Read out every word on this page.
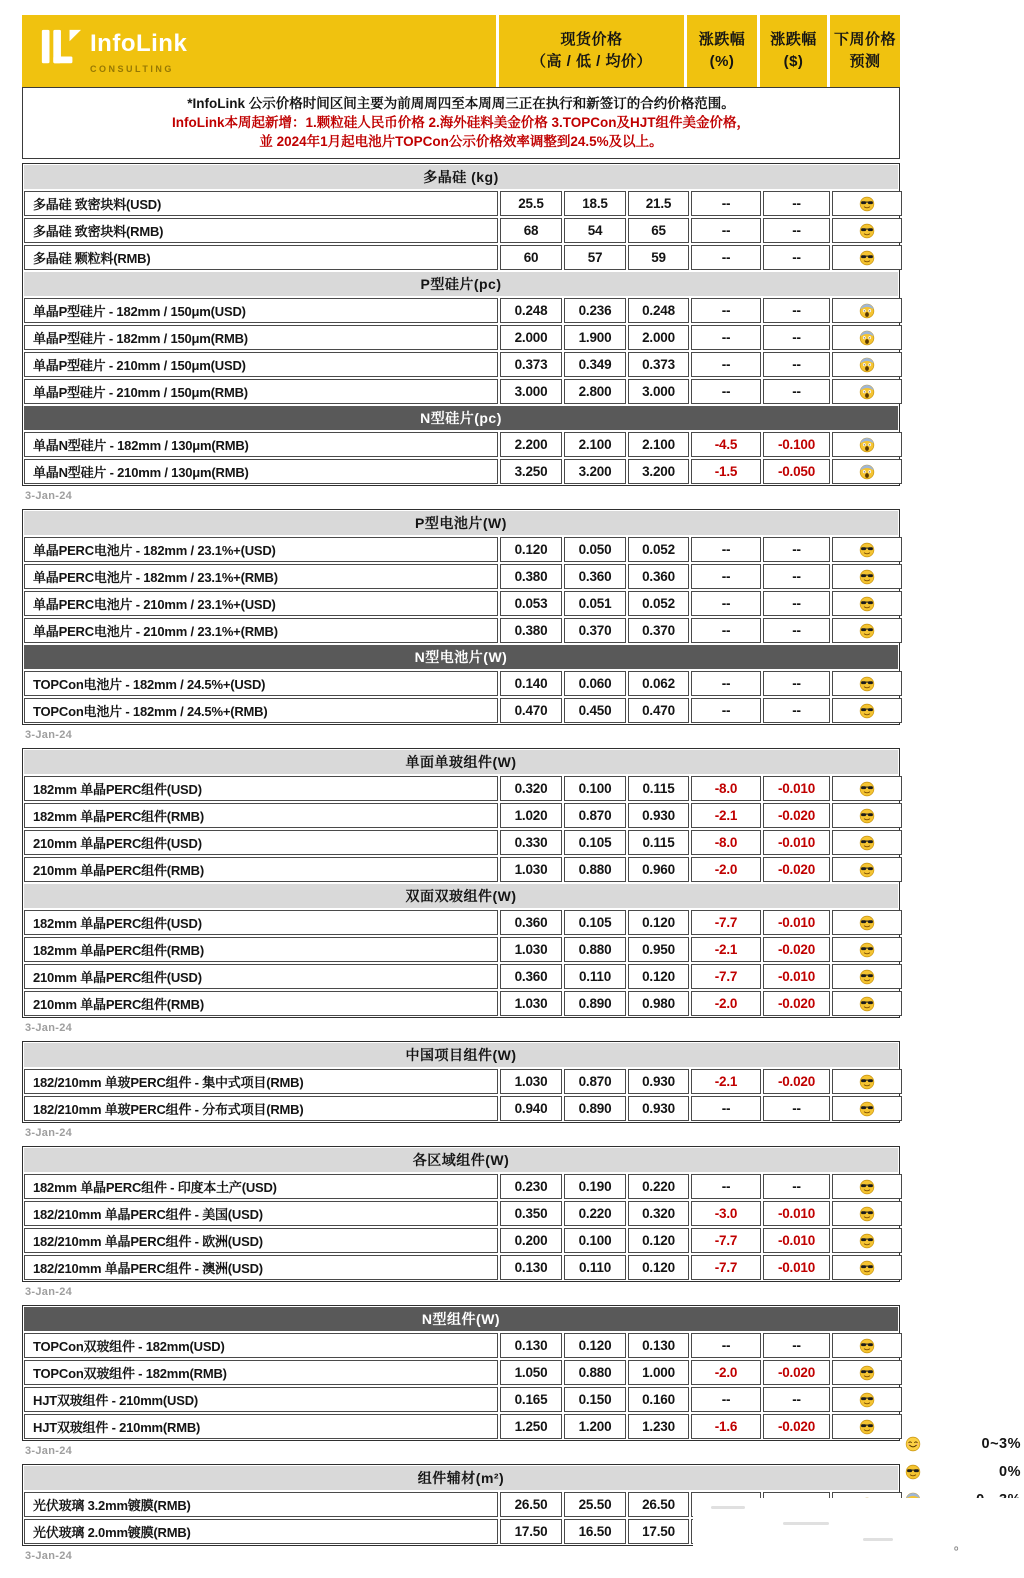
InfoLink
CONSULTING
现货价格
（高 / 低 / 均价）
涨跌幅
(%)
涨跌幅
($)
下周价格
预测

*InfoLink 公示价格时间区间主要为前周周四至本周周三正在执行和新签订的合约价格范围。

InfoLink本周起新增：1.颗粒硅人民币价格 2.海外硅料美金价格 3.TOPCon及HJT组件美金价格，

並 2024年1月起电池片TOPCon公示价格效率调整到24.5%及以上。

多晶硅 (kg)
多晶硅 致密块料(USD)	25.5	18.5	21.5	--	--
多晶硅 致密块料(RMB)	68	54	65	--	--
多晶硅 颗粒料(RMB)	60	57	59	--	--
P型硅片(pc)
单晶P型硅片 - 182mm / 150μm(USD)	0.248	0.236	0.248	--	--
单晶P型硅片 - 182mm / 150μm(RMB)	2.000	1.900	2.000	--	--
单晶P型硅片 - 210mm / 150μm(USD)	0.373	0.349	0.373	--	--
单晶P型硅片 - 210mm / 150μm(RMB)	3.000	2.800	3.000	--	--
N型硅片(pc)
单晶N型硅片 - 182mm / 130μm(RMB)	2.200	2.100	2.100	-4.5	-0.100
单晶N型硅片 - 210mm / 130μm(RMB)	3.250	3.200	3.200	-1.5	-0.050
3-Jan-24
P型电池片(W)
单晶PERC电池片 - 182mm / 23.1%+(USD)	0.120	0.050	0.052	--	--
单晶PERC电池片 - 182mm / 23.1%+(RMB)	0.380	0.360	0.360	--	--
单晶PERC电池片 - 210mm / 23.1%+(USD)	0.053	0.051	0.052	--	--
单晶PERC电池片 - 210mm / 23.1%+(RMB)	0.380	0.370	0.370	--	--
N型电池片(W)
TOPCon电池片 - 182mm / 24.5%+(USD)	0.140	0.060	0.062	--	--
TOPCon电池片 - 182mm / 24.5%+(RMB)	0.470	0.450	0.470	--	--
3-Jan-24
单面单玻组件(W)
182mm 单晶PERC组件(USD)	0.320	0.100	0.115	-8.0	-0.010
182mm 单晶PERC组件(RMB)	1.020	0.870	0.930	-2.1	-0.020
210mm 单晶PERC组件(USD)	0.330	0.105	0.115	-8.0	-0.010
210mm 单晶PERC组件(RMB)	1.030	0.880	0.960	-2.0	-0.020
双面双玻组件(W)
182mm 单晶PERC组件(USD)	0.360	0.105	0.120	-7.7	-0.010
182mm 单晶PERC组件(RMB)	1.030	0.880	0.950	-2.1	-0.020
210mm 单晶PERC组件(USD)	0.360	0.110	0.120	-7.7	-0.010
210mm 单晶PERC组件(RMB)	1.030	0.890	0.980	-2.0	-0.020
3-Jan-24
中国项目组件(W)
182/210mm 单玻PERC组件 - 集中式项目(RMB)	1.030	0.870	0.930	-2.1	-0.020
182/210mm 单玻PERC组件 - 分布式项目(RMB)	0.940	0.890	0.930	--	--
3-Jan-24
各区域组件(W)
182mm 单晶PERC组件 - 印度本土产(USD)	0.230	0.190	0.220	--	--
182/210mm 单晶PERC组件 - 美国(USD)	0.350	0.220	0.320	-3.0	-0.010
182/210mm 单晶PERC组件 - 欧洲(USD)	0.200	0.100	0.120	-7.7	-0.010
182/210mm 单晶PERC组件 - 澳洲(USD)	0.130	0.110	0.120	-7.7	-0.010
3-Jan-24
N型组件(W)
TOPCon双玻组件 - 182mm(USD)	0.130	0.120	0.130	--	--
TOPCon双玻组件 - 182mm(RMB)	1.050	0.880	1.000	-2.0	-0.020
HJT双玻组件 - 210mm(USD)	0.165	0.150	0.160	--	--
HJT双玻组件 - 210mm(RMB)	1.250	1.200	1.230	-1.6	-0.020
3-Jan-24
组件辅材(m²)
光伏玻璃 3.2mm镀膜(RMB)	26.50	25.50	26.50
光伏玻璃 2.0mm镀膜(RMB)	17.50	16.50	17.50
3-Jan-24
0~3%
0%
。
